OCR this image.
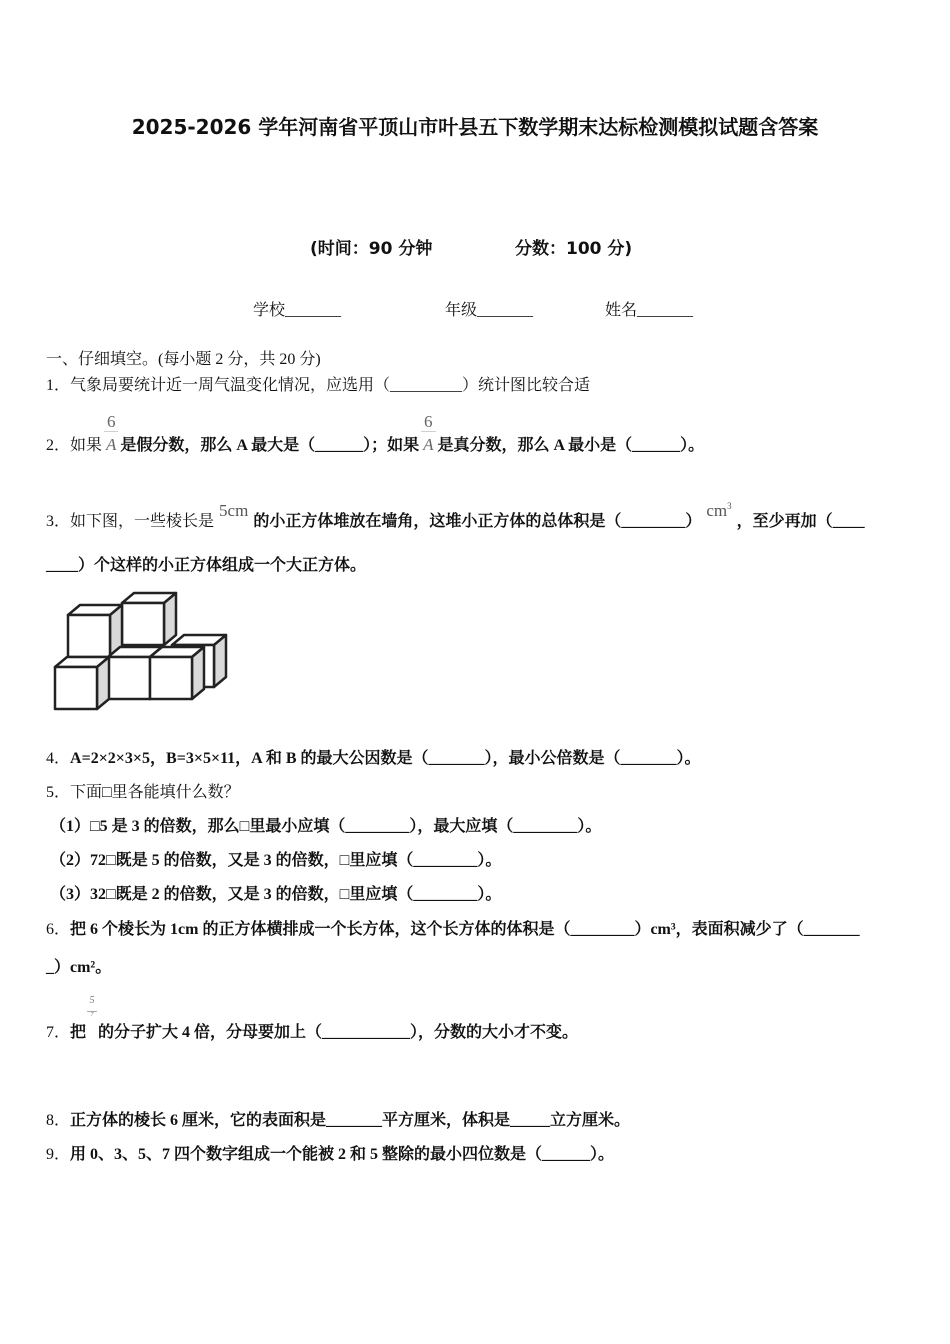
2025-2026 学年河南省平顶山市叶县五下数学期末达标检测模拟试题含答案
(时间：90 分钟	分数：100 分)
学校_______	年级_______	姓名_______
一、仔细填空。(每小题 2 分，共 20 分)
1．气象局要统计近一周气温变化情况，应选用（_________）统计图比较合适
2．如果 $\frac{6}{A}$ 是假分数，那么 A 最大是（______）；如果 $\frac{6}{A}$ 是真分数，那么 A 最小是（______）。
3．如下图，一些棱长是5cm的小正方体堆放在墙角，这堆小正方体的总体积是$(\_\_\_\_\_\_\_\_)cm^3$，至少再加（____
____）个这样的小正方体组成一个大正方体。
4．A=2×2×3×5，B=3×5×11，A 和 B 的最大公因数是（_______），最小公倍数是（_______）。
5．下面□里各能填什么数？
（1）□5 是 3 的倍数，那么□里最小应填（________），最大应填（________）。
（2）72□既是 5 的倍数，又是 3 的倍数，□里应填（________）。
（3）32□既是 2 的倍数，又是 3 的倍数，□里应填（________）。
6．把 6 个棱长为 1cm 的正方体横排成一个长方体，这个长方体的体积是（________）cm³，表面积减少了（_______
_）cm²。
7．把
5
7
的分子扩大 4 倍，分母要加上（___________），分数的大小才不变。
8．正方体的棱长 6 厘米，它的表面积是_______平方厘米，体积是_____立方厘米。
9．用 0、3、5、7 四个数字组成一个能被 2 和 5 整除的最小四位数是（______）。
